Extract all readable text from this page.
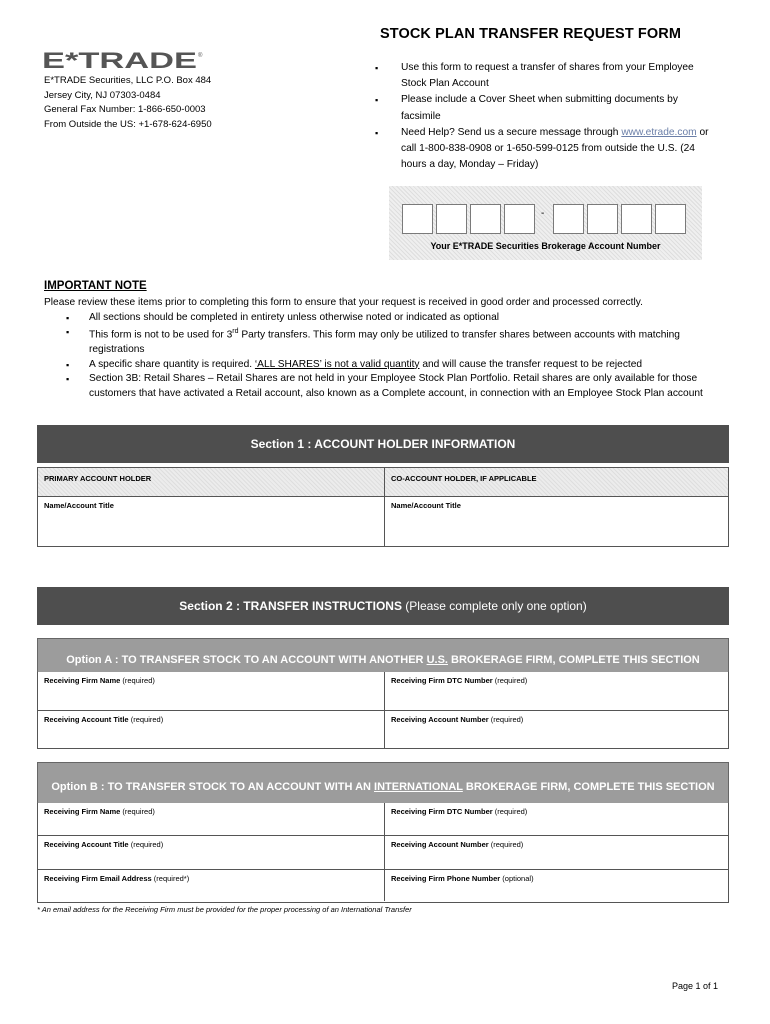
E*TRADE ®
E*TRADE Securities, LLC P.O. Box 484
Jersey City, NJ 07303-0484
General Fax Number: 1-866-650-0003
From Outside the US: +1-678-624-6950
STOCK PLAN TRANSFER REQUEST FORM
▪ Use this form to request a transfer of shares from your Employee Stock Plan Account
▪ Please include a Cover Sheet when submitting documents by facsimile
▪ Need Help? Send us a secure message through www.etrade.com or call 1-800-838-0908 or 1-650-599-0125 from outside the U.S. (24 hours a day, Monday – Friday)
-
Your E*TRADE Securities Brokerage Account Number
IMPORTANT NOTE
Please review these items prior to completing this form to ensure that your request is received in good order and processed correctly.
▪ All sections should be completed in entirety unless otherwise noted or indicated as optional
▪ This form is not to be used for 3rd Party transfers. This form may only be utilized to transfer shares between accounts with matching registrations
▪ A specific share quantity is required. ‘ALL SHARES’ is not a valid quantity and will cause the transfer request to be rejected
▪ Section 3B: Retail Shares – Retail Shares are not held in your Employee Stock Plan Portfolio. Retail shares are only available for those customers that have activated a Retail account, also known as a Complete account, in connection with an Employee Stock Plan account
Section 1 : ACCOUNT HOLDER INFORMATION
PRIMARY ACCOUNT HOLDER	CO-ACCOUNT HOLDER, IF APPLICABLE
Name/Account Title	Name/Account Title
Section 2 : TRANSFER INSTRUCTIONS (Please complete only one option)
Option A : TO TRANSFER STOCK TO AN ACCOUNT WITH ANOTHER U.S. BROKERAGE FIRM, COMPLETE THIS SECTION
Receiving Firm Name (required)	Receiving Firm DTC Number (required)
Receiving Account Title (required)	Receiving Account Number (required)
Option B : TO TRANSFER STOCK TO AN ACCOUNT WITH AN INTERNATIONAL BROKERAGE FIRM, COMPLETE THIS SECTION
Receiving Firm Name (required)	Receiving Firm DTC Number (required)
Receiving Account Title (required)	Receiving Account Number (required)
Receiving Firm Email Address (required*)	Receiving Firm Phone Number (optional)
* An email address for the Receiving Firm must be provided for the proper processing of an International Transfer
Page 1 of 1
